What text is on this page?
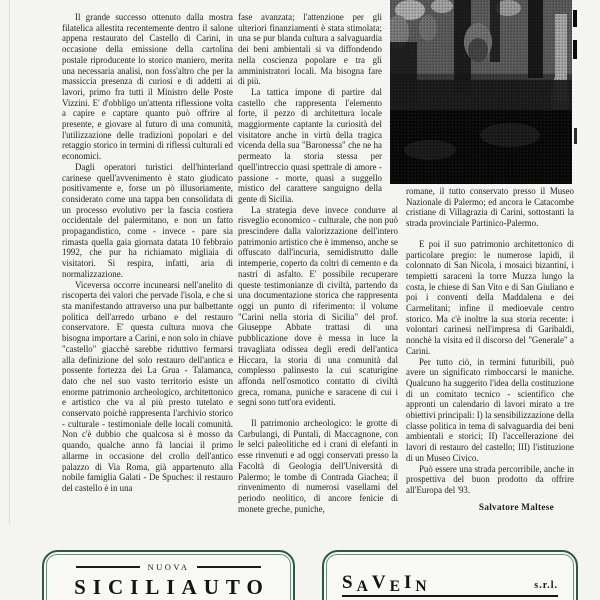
Il grande successo ottenuto dalla mostra filatelica allestita recentemente dentro il salone appena restaurato del Castello di Carini, in occasione della emissione della cartolina postale riproducente lo storico maniero, merita una necessaria analisi, non foss'altro che per la massiccia presenza di curiosi e di addetti ai lavori, primo fra tutti il Ministro delle Poste Vizzini. E' d'obbligo un'attenta riflessione volta a capire e captare quanto può offrire al presente, e giovare al futuro di una comunità, l'utilizzazione delle tradizioni popolari e del retaggio storico in termini di riflessi culturali ed economici.

Dagli operatori turistici dell'hinterland carinese quell'avvenimento è stato giudicato positivamente e, forse un pò illusoriamente, considerato come una tappa ben consolidata di un processo evolutivo per la fascia costiera occidentale del palermitano, e non un fatto propagandistico, come - invece - pare sia rimasta quella gaia giornata datata 10 febbraio 1992, che pur ha richiamato migliaia di visitatori. Si respira, infatti, aria di normalizzazione.

Viceversa occorre incunearsi nell'anelito di riscoperta dei valori che pervade l'isola, e che si sta manifestando attraverso una pur balbettante politica dell'arredo urbano e del restauro conservatore. E' questa cultura nuova che bisogna importare a Carini, e non solo in chiave "castello" giacchè sarebbe riduttivo fermarsi alla definizione del solo restauro dell'antica e possente fortezza dei La Grua - Talamanca, dato che nel suo vasto territorio esiste un enorme patrimonio archeologico, architettonico e artistico che va al più presto tutelato e conservato poichè rappresenta l'archivio storico - culturale - testimoniale delle locali comunità. Non c'è dubbio che qualcosa si è mosso da quando, qualche anno fà lanciai il primo allarme in occasione del crollo dell'antico palazzo di Via Roma, già appartenuto alla nobile famiglia Galati - De Spuches: il restauro del castello è in una

fase avanzata; l'attenzione per gli ulteriori finanziamenti è stata stimolata; una se pur blanda cultura a salvaguardia dei beni ambientali si va diffondendo nella coscienza popolare e tra gli amministratori locali. Ma bisogna fare di più.

La tattica impone di partire dal castello che rappresenta l'elemento forte, il pezzo di architettura locale maggiormente captante la curiosità del visitatore anche in virtù della tragica vicenda della sua "Baronessa" che ne ha permeato la storia stessa per quell'intreccio quasi spettrale di amore - passione - morte, quasi a suggello mistico del carattere sanguigno della gente di Sicilia.

La strategia deve invece condurre al risveglio economico - culturale, che non può prescindere dalla valorizzazione dell'intero patrimonio artistico che è immenso, anche se offuscato dall'incuria, semidistrutto dalle intemperie, coperto da coltri di cemento e da nastri di asfalto. E' possibile recuperare queste testimonianze di civiltà, partendo da una documentazione storica che rappresenta oggi un punto di riferimento: il volume "Carini nella storia di Sicilia" del prof. Giuseppe Abbate trattasi di una pubblicazione dove è messa in luce la travagliata odissea degli eredi dell'antica Hiccara, la storia di una comunità dal complesso palinsesto la cui scaturigine affonda nell'osmotico contatto di civiltà greca, romana, puniche e saracene di cui i segni sono tutt'ora evidenti.

Il patrimonio archeologico: le grotte di Carbulangi, di Puntali, di Maccagnone, con le selci paleolitiche ed i crani di elefanti in esse rinvenuti e ad oggi conservati presso la Facoltà di Geologia dell'Università di Palermo; le tombe di Contrada Giachea; il rinvenimento di numerosi vasellami del periodo neolitico, di ancore fenicie di monete greche, puniche,

romane, il tutto conservato presso il Museo Nazionale di Palermo; ed ancora le Catacombe cristiane di Villagrazia di Carini, sottostanti la strada provinciale Partinico-Palermo.

E poi il suo patrimonio architettonico di particolare pregio: le numerose lapidi, il colonnato di San Nicola, i mosaici bizantini, i tempietti saraceni la torre Muzza lungo la costa, le chiese di San Vito e di San Giuliano e poi i conventi della Maddalena e dei Carmelitani; infine il medioevale centro storico. Ma c'è inoltre la sua storia recente: i volontari carinesi nell'impresa di Garibaldi, nonchè la visita ed il discorso del "Generale" a Carini.

Per tutto ciò, in termini futuribili, può avere un significato rimboccarsi le maniche. Qualcuno ha suggerito l'idea della costituzione di un comitato tecnico - scientifico che appronti un calendario di lavori mirato a tre obiettivi principali: I) la sensibilizzazione della classe politica in tema di salvaguardia dei beni ambientali e storici; II) l'accellerazione dei lavori di restauro del castello; III) l'istituzione di un Museo Civico.

Può essere una strada percorribile, anche in prospettiva del buon prodotto da offrire all'Europa del '93.

Salvatore Maltese

NUOVA
SICILIAUTO	SAVEIN	s.r.l.
